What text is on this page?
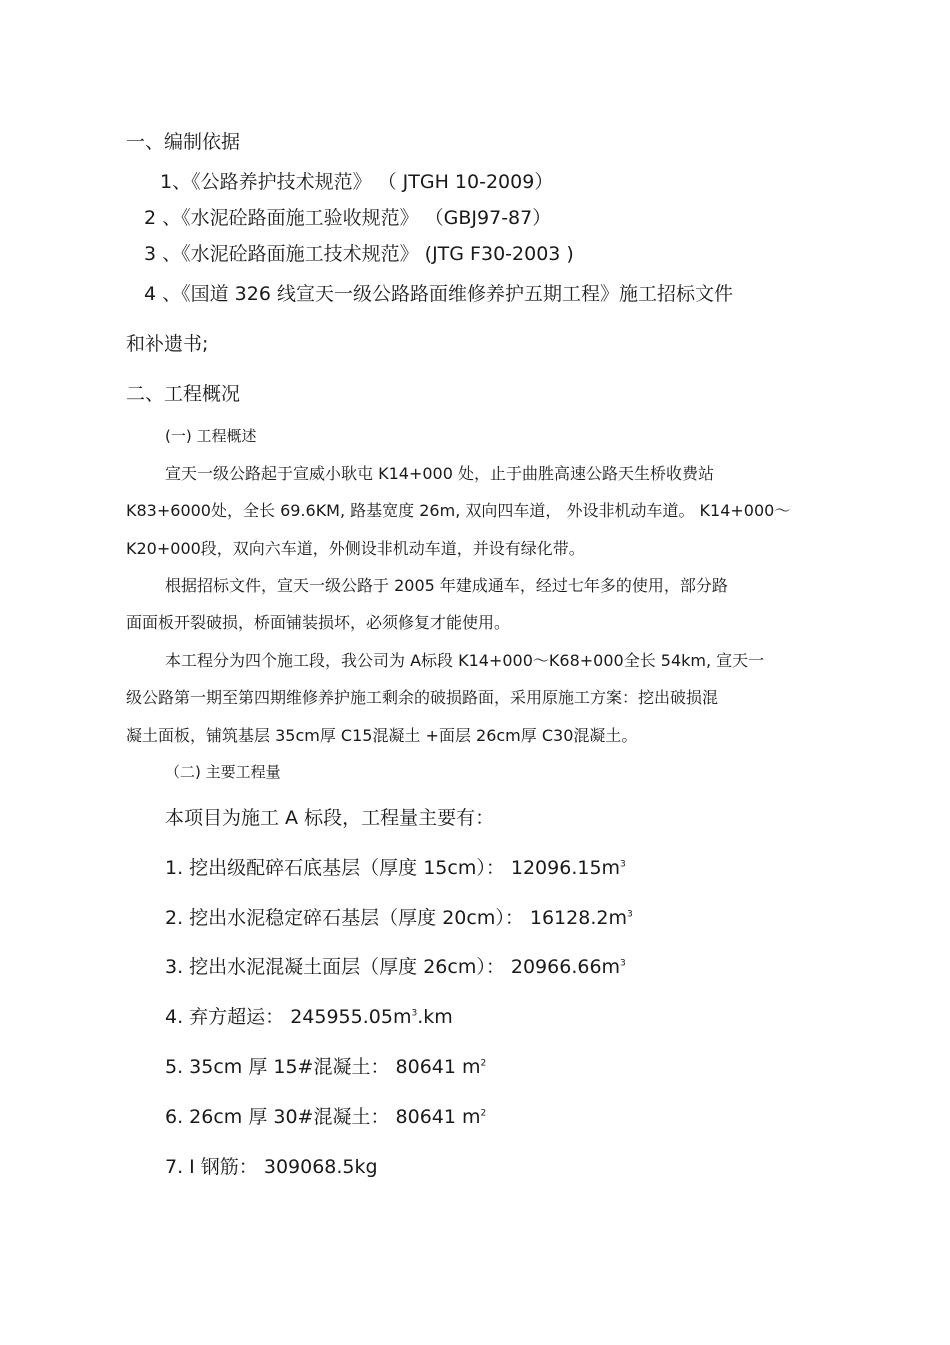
一、编制依据
1、《公路养护技术规范》 （ JTGH 10-2009）
2 、《水泥砼路面施工验收规范》 （GBJ97-87）
3 、《水泥砼路面施工技术规范》 (JTG F30-2003 )
4 、《国道 326 线宣天一级公路路面维修养护五期工程》施工招标文件
和补遗书;
二、工程概况
(一) 工程概述
宣天一级公路起于宣威小耿屯 K14+000 处，止于曲胜高速公路天生桥收费站
K83+6000处，全长 69.6KM, 路基宽度 26m, 双向四车道， 外设非机动车道。 K14+000～
K20+000段，双向六车道，外侧设非机动车道，并设有绿化带。
根据招标文件，宣天一级公路于 2005 年建成通车，经过七年多的使用，部分路
面面板开裂破损，桥面铺装损坏，必须修复才能使用。
本工程分为四个施工段，我公司为 A标段 K14+000～K68+000全长 54km, 宣天一
级公路第一期至第四期维修养护施工剩余的破损路面，采用原施工方案：挖出破损混
凝土面板，铺筑基层 35cm厚 C15混凝土 +面层 26cm厚 C30混凝土。
（二) 主要工程量
本项目为施工 A 标段，工程量主要有：
1. 挖出级配碎石底基层（厚度 15cm）： $12096.15m^3$
2. 挖出水泥稳定碎石基层（厚度 20cm）： $16128.2m^3$
3. 挖出水泥混凝土面层（厚度 26cm）： $20966.66m^3$
4. 弃方超运： $245955.05m^3.km$
5. 35cm 厚 15#混凝土： 80641 $m^2$
6. 26cm 厚 30#混凝土： 80641 $m^2$
7. Ⅰ 钢筋： 309068.5kg
